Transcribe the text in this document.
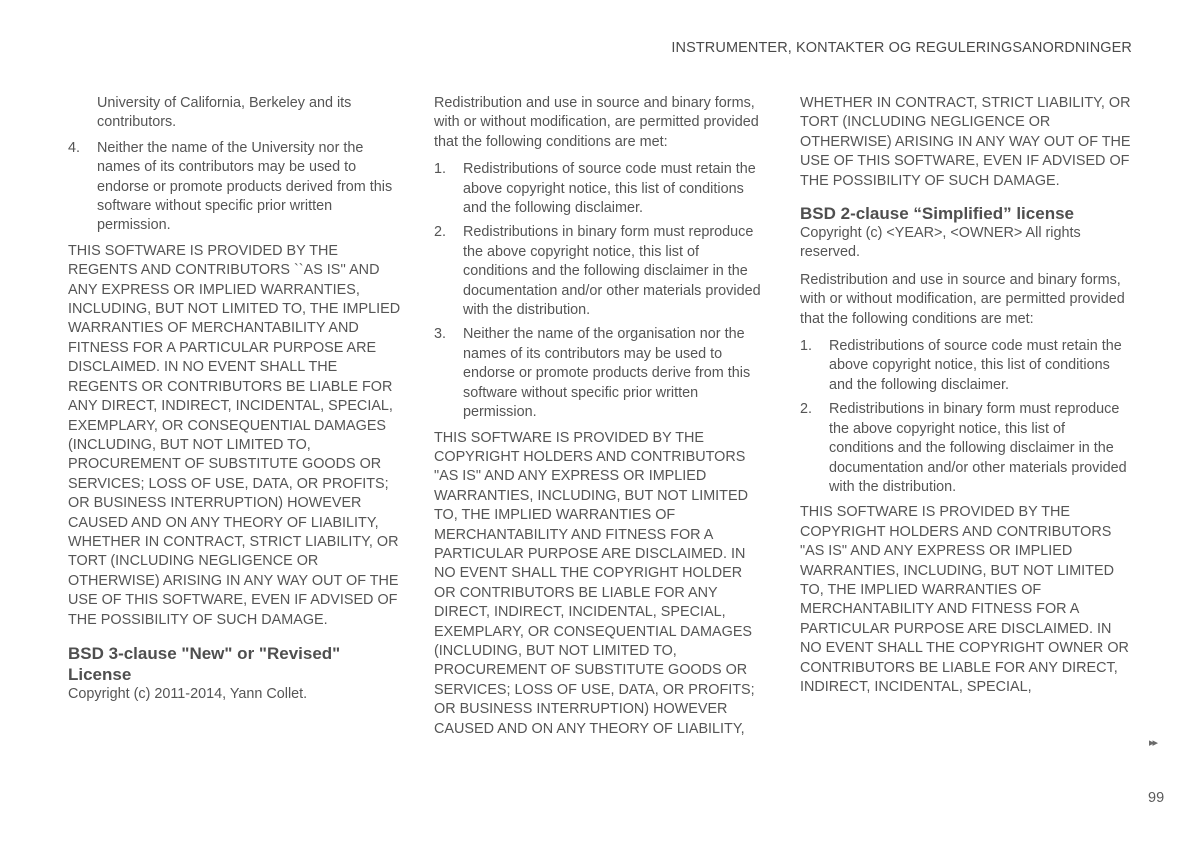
INSTRUMENTER, KONTAKTER OG REGULERINGSANORDNINGER

University of California, Berkeley and its contributors.

4. Neither the name of the University nor the names of its contributors may be used to endorse or promote products derived from this software without specific prior written permission.

THIS SOFTWARE IS PROVIDED BY THE REGENTS AND CONTRIBUTORS ``AS IS'' AND ANY EXPRESS OR IMPLIED WARRANTIES, INCLUDING, BUT NOT LIMITED TO, THE IMPLIED WARRANTIES OF MERCHANTABILITY AND FITNESS FOR A PARTICULAR PURPOSE ARE DISCLAIMED. IN NO EVENT SHALL THE REGENTS OR CONTRIBUTORS BE LIABLE FOR ANY DIRECT, INDIRECT, INCIDENTAL, SPECIAL, EXEMPLARY, OR CONSEQUENTIAL DAMAGES (INCLUDING, BUT NOT LIMITED TO, PROCUREMENT OF SUBSTITUTE GOODS OR SERVICES; LOSS OF USE, DATA, OR PROFITS; OR BUSINESS INTERRUPTION) HOWEVER CAUSED AND ON ANY THEORY OF LIABILITY, WHETHER IN CONTRACT, STRICT LIABILITY, OR TORT (INCLUDING NEGLIGENCE OR OTHERWISE) ARISING IN ANY WAY OUT OF THE USE OF THIS SOFTWARE, EVEN IF ADVISED OF THE POSSIBILITY OF SUCH DAMAGE.

BSD 3-clause "New" or "Revised" License

Copyright (c) 2011-2014, Yann Collet.

Redistribution and use in source and binary forms, with or without modification, are permitted provided that the following conditions are met:

1. Redistributions of source code must retain the above copyright notice, this list of conditions and the following disclaimer.
2. Redistributions in binary form must reproduce the above copyright notice, this list of conditions and the following disclaimer in the documentation and/or other materials provided with the distribution.
3. Neither the name of the organisation nor the names of its contributors may be used to endorse or promote products derive from this software without specific prior written permission.

THIS SOFTWARE IS PROVIDED BY THE COPYRIGHT HOLDERS AND CONTRIBUTORS "AS IS" AND ANY EXPRESS OR IMPLIED WARRANTIES, INCLUDING, BUT NOT LIMITED TO, THE IMPLIED WARRANTIES OF MERCHANTABILITY AND FITNESS FOR A PARTICULAR PURPOSE ARE DISCLAIMED. IN NO EVENT SHALL THE COPYRIGHT HOLDER OR CONTRIBUTORS BE LIABLE FOR ANY DIRECT, INDIRECT, INCIDENTAL, SPECIAL, EXEMPLARY, OR CONSEQUENTIAL DAMAGES (INCLUDING, BUT NOT LIMITED TO, PROCUREMENT OF SUBSTITUTE GOODS OR SERVICES; LOSS OF USE, DATA, OR PROFITS; OR BUSINESS INTERRUPTION) HOWEVER CAUSED AND ON ANY THEORY OF LIABILITY,

WHETHER IN CONTRACT, STRICT LIABILITY, OR TORT (INCLUDING NEGLIGENCE OR OTHERWISE) ARISING IN ANY WAY OUT OF THE USE OF THIS SOFTWARE, EVEN IF ADVISED OF THE POSSIBILITY OF SUCH DAMAGE.

BSD 2-clause “Simplified” license

Copyright (c) <YEAR>, <OWNER> All rights reserved.

Redistribution and use in source and binary forms, with or without modification, are permitted provided that the following conditions are met:

1. Redistributions of source code must retain the above copyright notice, this list of conditions and the following disclaimer.
2. Redistributions in binary form must reproduce the above copyright notice, this list of conditions and the following disclaimer in the documentation and/or other materials provided with the distribution.

THIS SOFTWARE IS PROVIDED BY THE COPYRIGHT HOLDERS AND CONTRIBUTORS "AS IS" AND ANY EXPRESS OR IMPLIED WARRANTIES, INCLUDING, BUT NOT LIMITED TO, THE IMPLIED WARRANTIES OF MERCHANTABILITY AND FITNESS FOR A PARTICULAR PURPOSE ARE DISCLAIMED. IN NO EVENT SHALL THE COPYRIGHT OWNER OR CONTRIBUTORS BE LIABLE FOR ANY DIRECT, INDIRECT, INCIDENTAL, SPECIAL,

▸▸
99
